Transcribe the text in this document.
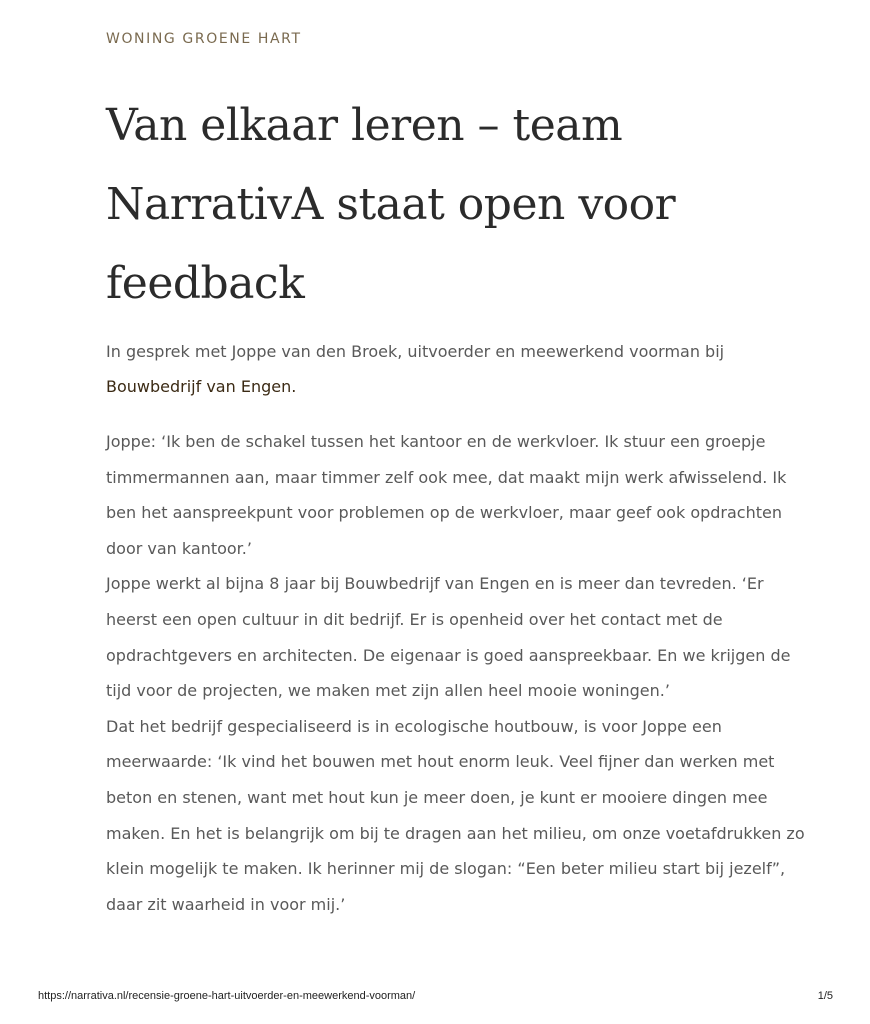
WONING GROENE HART
Van elkaar leren – team NarrativA staat open voor feedback

In gesprek met Joppe van den Broek, uitvoerder en meewerkend voorman bij Bouwbedrijf van Engen.

Joppe: ‘Ik ben de schakel tussen het kantoor en de werkvloer. Ik stuur een groepje timmermannen aan, maar timmer zelf ook mee, dat maakt mijn werk afwisselend. Ik ben het aanspreekpunt voor problemen op de werkvloer, maar geef ook opdrachten door van kantoor.’

Joppe werkt al bijna 8 jaar bij Bouwbedrijf van Engen en is meer dan tevreden. ‘Er heerst een open cultuur in dit bedrijf. Er is openheid over het contact met de opdrachtgevers en architecten. De eigenaar is goed aanspreekbaar. En we krijgen de tijd voor de projecten, we maken met zijn allen heel mooie woningen.’

Dat het bedrijf gespecialiseerd is in ecologische houtbouw, is voor Joppe een meerwaarde: ‘Ik vind het bouwen met hout enorm leuk. Veel fijner dan werken met beton en stenen, want met hout kun je meer doen, je kunt er mooiere dingen mee maken. En het is belangrijk om bij te dragen aan het milieu, om onze voetafdrukken zo klein mogelijk te maken. Ik herinner mij de slogan: “Een beter milieu start bij jezelf”, daar zit waarheid in voor mij.’

https://narrativa.nl/recensie-groene-hart-uitvoerder-en-meewerkend-voorman/	1/5
